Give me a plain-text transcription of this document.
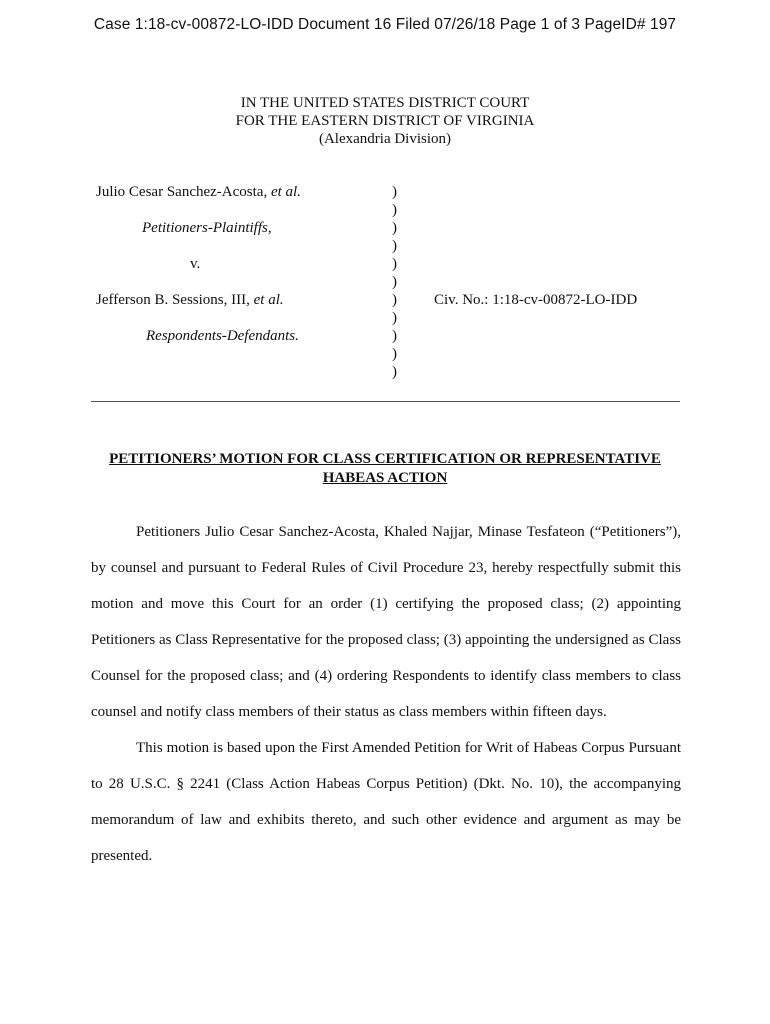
Case 1:18-cv-00872-LO-IDD Document 16 Filed 07/26/18 Page 1 of 3 PageID# 197
IN THE UNITED STATES DISTRICT COURT
FOR THE EASTERN DISTRICT OF VIRGINIA
(Alexandria Division)
Julio Cesar Sanchez-Acosta, et al.
Petitioners-Plaintiffs,
v.
Jefferson B. Sessions, III, et al.
Respondents-Defendants.
)
)
)
)
)
)
)
)
)
)
)
Civ. No.: 1:18-cv-00872-LO-IDD
PETITIONERS’ MOTION FOR CLASS CERTIFICATION OR REPRESENTATIVE
HABEAS ACTION

Petitioners Julio Cesar Sanchez-Acosta, Khaled Najjar, Minase Tesfateon (“Petitioners”), by counsel and pursuant to Federal Rules of Civil Procedure 23, hereby respectfully submit this motion and move this Court for an order (1) certifying the proposed class; (2) appointing Petitioners as Class Representative for the proposed class; (3) appointing the undersigned as Class Counsel for the proposed class; and (4) ordering Respondents to identify class members to class counsel and notify class members of their status as class members within fifteen days.

This motion is based upon the First Amended Petition for Writ of Habeas Corpus Pursuant to 28 U.S.C. § 2241 (Class Action Habeas Corpus Petition) (Dkt. No. 10), the accompanying memorandum of law and exhibits thereto, and such other evidence and argument as may be presented.
